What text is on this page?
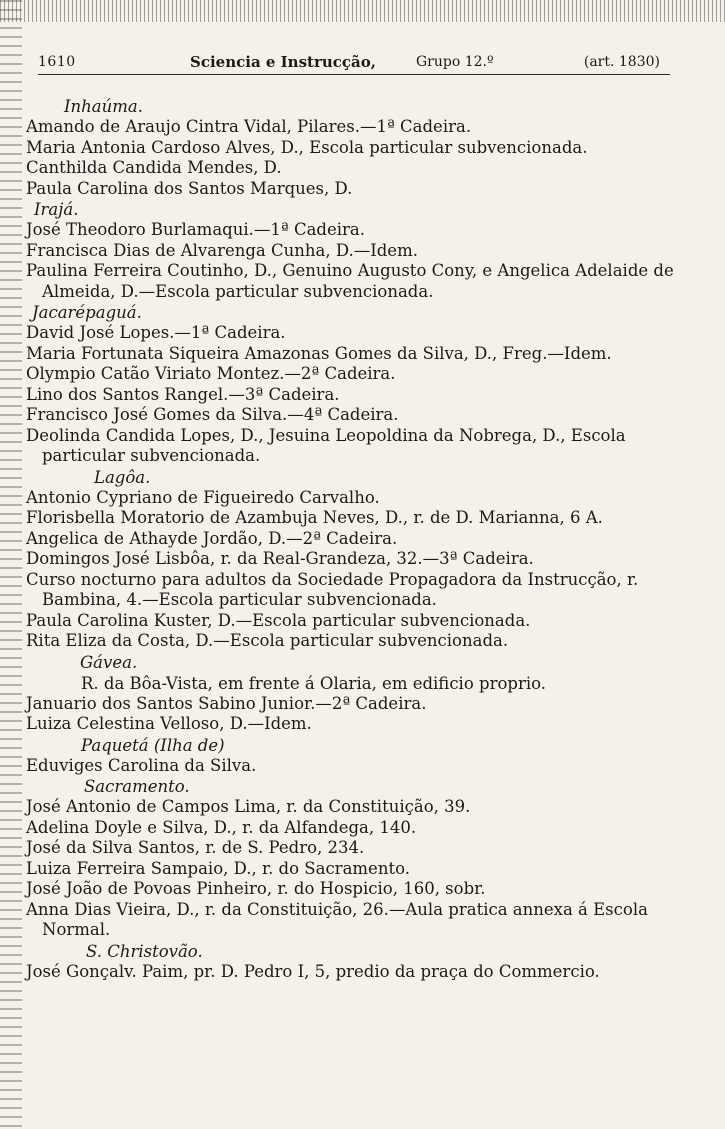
1610	Sciencia e Instrucção,	Grupo 12.º	(art. 1830)
Inhaúma.
Amando de Araujo Cintra Vidal, Pilares.—1ª Cadeira.
Maria Antonia Cardoso Alves, D., Escola particular subvencionada.
Canthilda Candida Mendes, D.
Paula Carolina dos Santos Marques, D.
Irajá.
José Theodoro Burlamaqui.—1ª Cadeira.
Francisca Dias de Alvarenga Cunha, D.—Idem.
Paulina Ferreira Coutinho, D., Genuino Augusto Cony, e Angelica Adelaide de Almeida, D.—Escola particular subvencionada.
Jacarépaguá.
David José Lopes.—1ª Cadeira.
Maria Fortunata Siqueira Amazonas Gomes da Silva, D., Freg.—Idem.
Olympio Catão Viriato Montez.—2ª Cadeira.
Lino dos Santos Rangel.—3ª Cadeira.
Francisco José Gomes da Silva.—4ª Cadeira.
Deolinda Candida Lopes, D., Jesuina Leopoldina da Nobrega, D., Escola particular subvencionada.
Lagôa.
Antonio Cypriano de Figueiredo Carvalho.
Florisbella Moratorio de Azambuja Neves, D., r. de D. Marianna, 6 A.
Angelica de Athayde Jordão, D.—2ª Cadeira.
Domingos José Lisbôa, r. da Real-Grandeza, 32.—3ª Cadeira.
Curso nocturno para adultos da Sociedade Propagadora da Instrucção, r. Bambina, 4.—Escola particular subvencionada.
Paula Carolina Kuster, D.—Escola particular subvencionada.
Rita Eliza da Costa, D.—Escola particular subvencionada.
Gávea.
R. da Bôa-Vista, em frente á Olaria, em edificio proprio.
Januario dos Santos Sabino Junior.—2ª Cadeira.
Luiza Celestina Velloso, D.—Idem.
Paquetá (Ilha de)
Eduviges Carolina da Silva.
Sacramento.
José Antonio de Campos Lima, r. da Constituição, 39.
Adelina Doyle e Silva, D., r. da Alfandega, 140.
José da Silva Santos, r. de S. Pedro, 234.
Luiza Ferreira Sampaio, D., r. do Sacramento.
José João de Povoas Pinheiro, r. do Hospicio, 160, sobr.
Anna Dias Vieira, D., r. da Constituição, 26.—Aula pratica annexa á Escola Normal.
S. Christovão.
José Gonçalv. Paim, pr. D. Pedro I, 5, predio da praça do Commercio.
